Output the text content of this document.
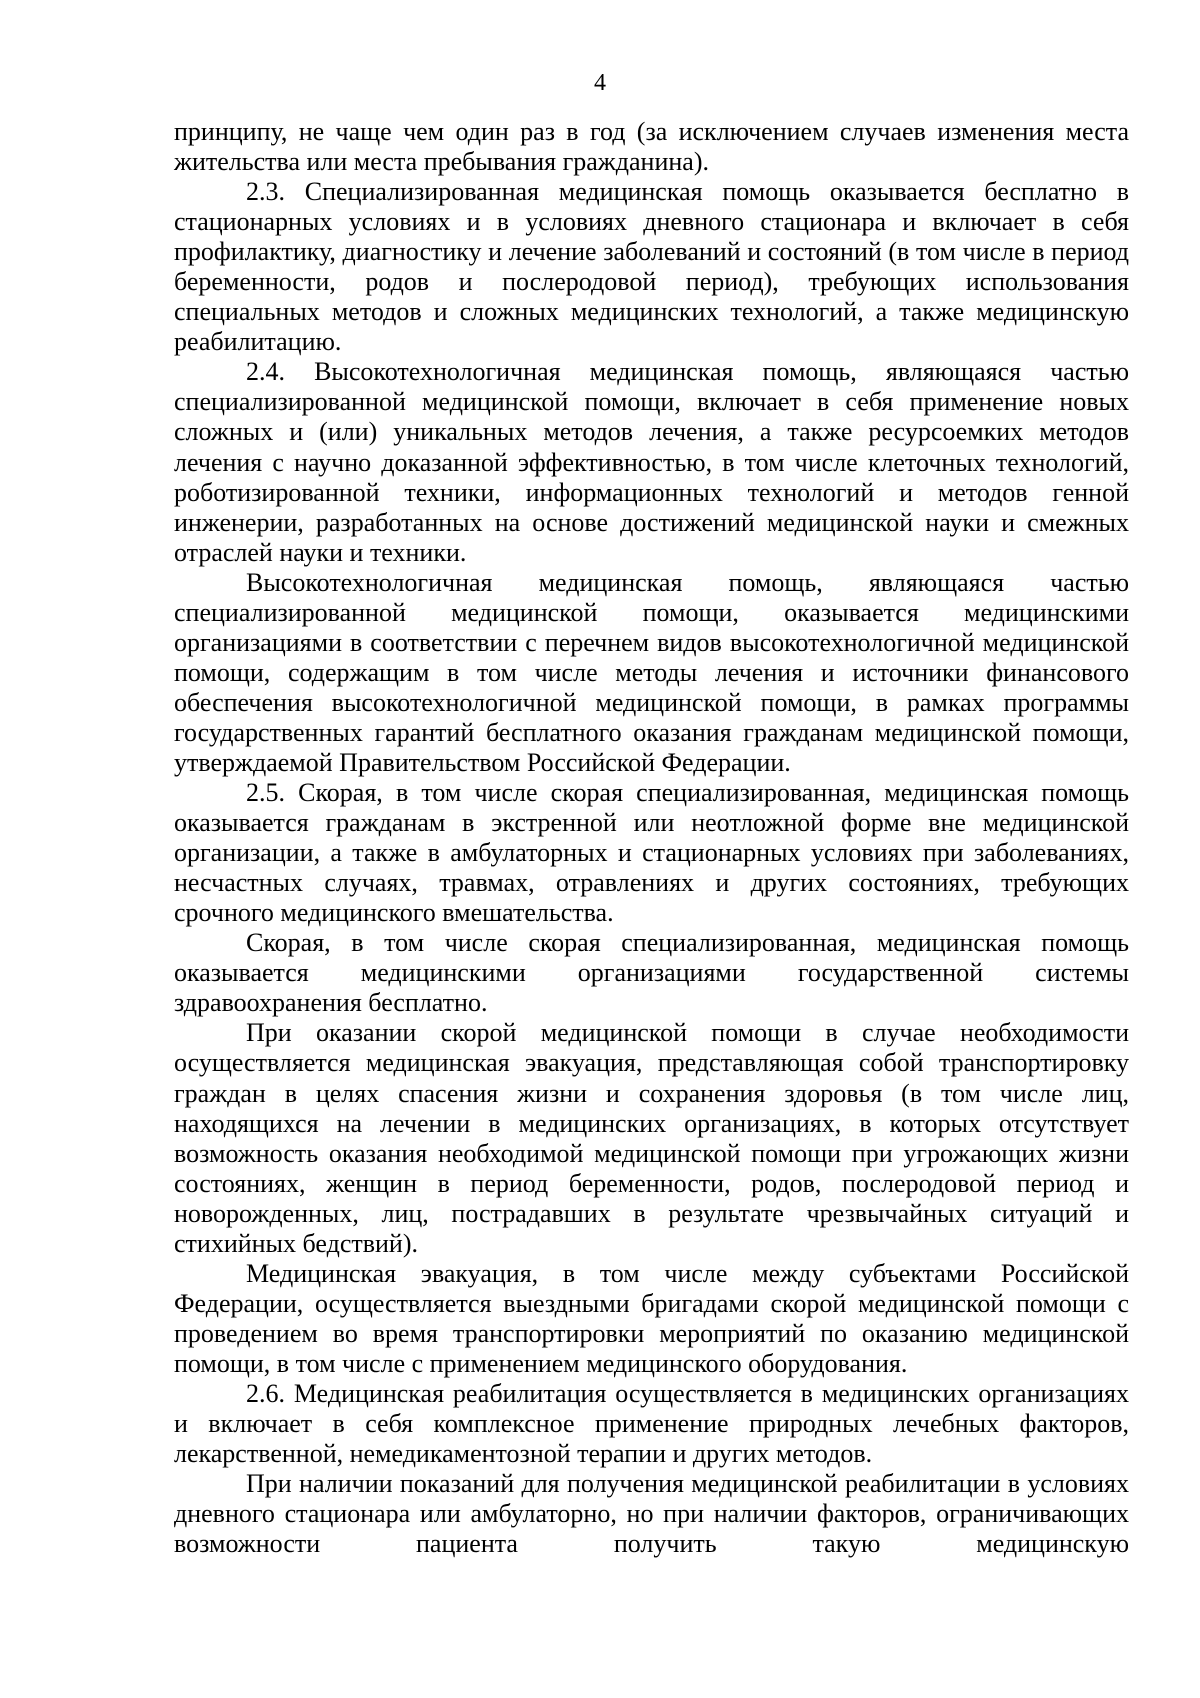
4

принципу, не чаще чем один раз в год (за исключением случаев изменения места жительства или места пребывания гражданина).

2.3. Специализированная медицинская помощь оказывается бесплатно в стационарных условиях и в условиях дневного стационара и включает в себя профилактику, диагностику и лечение заболеваний и состояний (в том числе в период беременности, родов и послеродовой период), требующих использования специальных методов и сложных медицинских технологий, а также медицинскую реабилитацию.

2.4. Высокотехнологичная медицинская помощь, являющаяся частью специализированной медицинской помощи, включает в себя применение новых сложных и (или) уникальных методов лечения, а также ресурсоемких методов лечения с научно доказанной эффективностью, в том числе клеточных технологий, роботизированной техники, информационных технологий и методов генной инженерии, разработанных на основе достижений медицинской науки и смежных отраслей науки и техники.

Высокотехнологичная медицинская помощь, являющаяся частью специализированной медицинской помощи, оказывается медицинскими организациями в соответствии с перечнем видов высокотехнологичной медицинской помощи, содержащим в том числе методы лечения и источники финансового обеспечения высокотехнологичной медицинской помощи, в рамках программы государственных гарантий бесплатного оказания гражданам медицинской помощи, утверждаемой Правительством Российской Федерации.

2.5. Скорая, в том числе скорая специализированная, медицинская помощь оказывается гражданам в экстренной или неотложной форме вне медицинской организации, а также в амбулаторных и стационарных условиях при заболеваниях, несчастных случаях, травмах, отравлениях и других состояниях, требующих срочного медицинского вмешательства.

Скорая, в том числе скорая специализированная, медицинская помощь оказывается медицинскими организациями государственной системы здравоохранения бесплатно.

При оказании скорой медицинской помощи в случае необходимости осуществляется медицинская эвакуация, представляющая собой транспортировку граждан в целях спасения жизни и сохранения здоровья (в том числе лиц, находящихся на лечении в медицинских организациях, в которых отсутствует возможность оказания необходимой медицинской помощи при угрожающих жизни состояниях, женщин в период беременности, родов, послеродовой период и новорожденных, лиц, пострадавших в результате чрезвычайных ситуаций и стихийных бедствий).

Медицинская эвакуация, в том числе между субъектами Российской Федерации, осуществляется выездными бригадами скорой медицинской помощи с проведением во время транспортировки мероприятий по оказанию медицинской помощи, в том числе с применением медицинского оборудования.

2.6. Медицинская реабилитация осуществляется в медицинских организациях и включает в себя комплексное применение природных лечебных факторов, лекарственной, немедикаментозной терапии и других методов.

При наличии показаний для получения медицинской реабилитации в условиях дневного стационара или амбулаторно, но при наличии факторов, ограничивающих возможности пациента получить такую медицинскую
